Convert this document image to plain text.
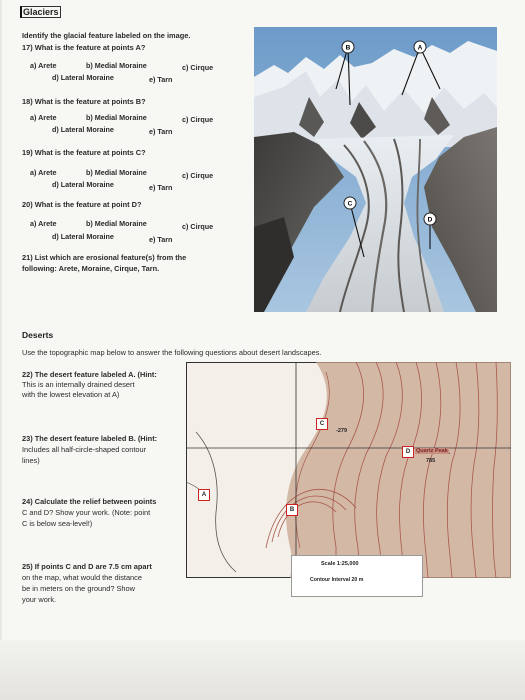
Glaciers
Identify the glacial feature labeled on the image.
17) What is the feature at points A?
a) Arete	b) Medial Moraine	c) Cirque
d) Lateral Moraine	e) Tarn
18) What is the feature at points B?
a) Arete	b) Medial Moraine	c) Cirque
d) Lateral Moraine	e) Tarn
19) What is the feature at points C?
a) Arete	b) Medial Moraine	c) Cirque
d) Lateral Moraine	e) Tarn
20) What is the feature at point D?
a) Arete	b) Medial Moraine	c) Cirque
d) Lateral Moraine	e) Tarn
21) List which are erosional feature(s) from the
following: Arete, Moraine, Cirque, Tarn.
B	A
C
D
Deserts
Use the topographic map below to answer the following questions about desert landscapes.
22) The desert feature labeled A. (Hint:
This is an internally drained desert
with the lowest elevation at A)
23) The desert feature labeled B. (Hint:
Includes all half-circle-shaped contour
lines)
24) Calculate the relief between points
C and D? Show your work. (Note: point
C is below sea-level!)
25) If points C and D are 7.5 cm apart
on the map, what would the distance
be in meters on the ground? Show
your work.
A
B
C
D	Quartz Peak
-279
785
Scale 1:25,000
Contour Interval 20 m
